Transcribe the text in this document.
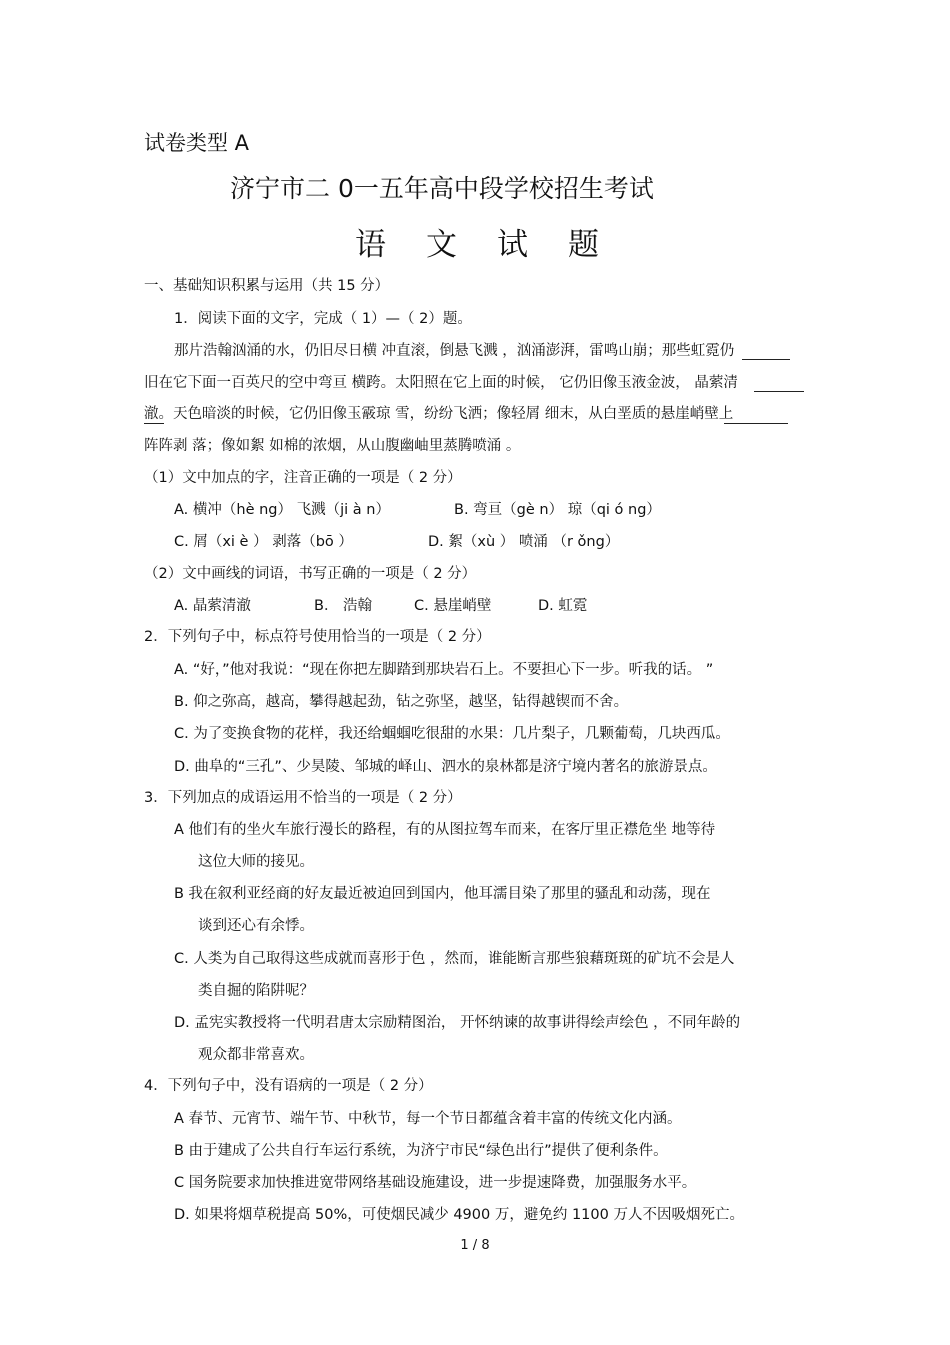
试卷类型 A
济宁市二 0一五年高中段学校招生考试
语文试题
一、基础知识积累与运用（共 15 分）
1．阅读下面的文字，完成（ 1）—（ 2）题。
那片浩翰汹涌的水，仍旧尽日横 冲直滚，倒悬飞溅 ，汹涌澎湃，雷鸣山崩；那些虹霓仍
旧在它下面一百英尺的空中弯亘 横跨。太阳照在它上面的时候， 它仍旧像玉液金波， 晶萦清
澈。天色暗淡的时候，它仍旧像玉霰琼 雪，纷纷飞洒；像轻屑 细末，从白垩质的悬崖峭壁上
阵阵剥 落；像如絮 如棉的浓烟，从山腹幽岫里蒸腾喷涌 。
（1）文中加点的字，注音正确的一项是（ 2 分）
A. 横冲（hè ng） 飞溅（ji à n）	B. 弯亘（gè n） 琼（qi ó ng）
C. 屑（xi è ） 剥落（bō ）	D. 絮（xù ） 喷涌 （r ǒng）
（2）文中画线的词语，书写正确的一项是（ 2 分）
A. 晶萦清澈	B． 浩翰	C. 悬崖峭壁	D. 虹霓
2．下列句子中，标点符号使用恰当的一项是（ 2 分）
A. “好，”他对我说：“现在你把左脚踏到那块岩石上。不要担心下一步。听我的话。 ”
B. 仰之弥高，越高，攀得越起劲，钻之弥坚，越坚，钻得越锲而不舍。
C. 为了变换食物的花样，我还给蝈蝈吃很甜的水果：几片梨子，几颗葡萄，几块西瓜。
D. 曲阜的“三孔”、少昊陵、邹城的峄山、泗水的泉林都是济宁境内著名的旅游景点。
3．下列加点的成语运用不恰当的一项是（ 2 分）
A 他们有的坐火车旅行漫长的路程，有的从图拉驾车而来，在客厅里正襟危坐 地等待
这位大师的接见。
B 我在叙利亚经商的好友最近被迫回到国内，他耳濡目染了那里的骚乱和动荡，现在
谈到还心有余悸。
C. 人类为自己取得这些成就而喜形于色 ，然而，谁能断言那些狼藉斑斑的矿坑不会是人
类自掘的陷阱呢？
D. 孟宪实教授将一代明君唐太宗励精图治， 开怀纳谏的故事讲得绘声绘色 ，不同年龄的
观众都非常喜欢。
4．下列句子中，没有语病的一项是（ 2 分）
A 春节、元宵节、端午节、中秋节，每一个节日都蕴含着丰富的传统文化内涵。
B 由于建成了公共自行车运行系统，为济宁市民“绿色出行”提供了便利条件。
C 国务院要求加快推进宽带网络基础设施建设，进一步提速降费，加强服务水平。
D. 如果将烟草税提高 50%，可使烟民减少 4900 万，避免约 1100 万人不因吸烟死亡。
1 / 8
